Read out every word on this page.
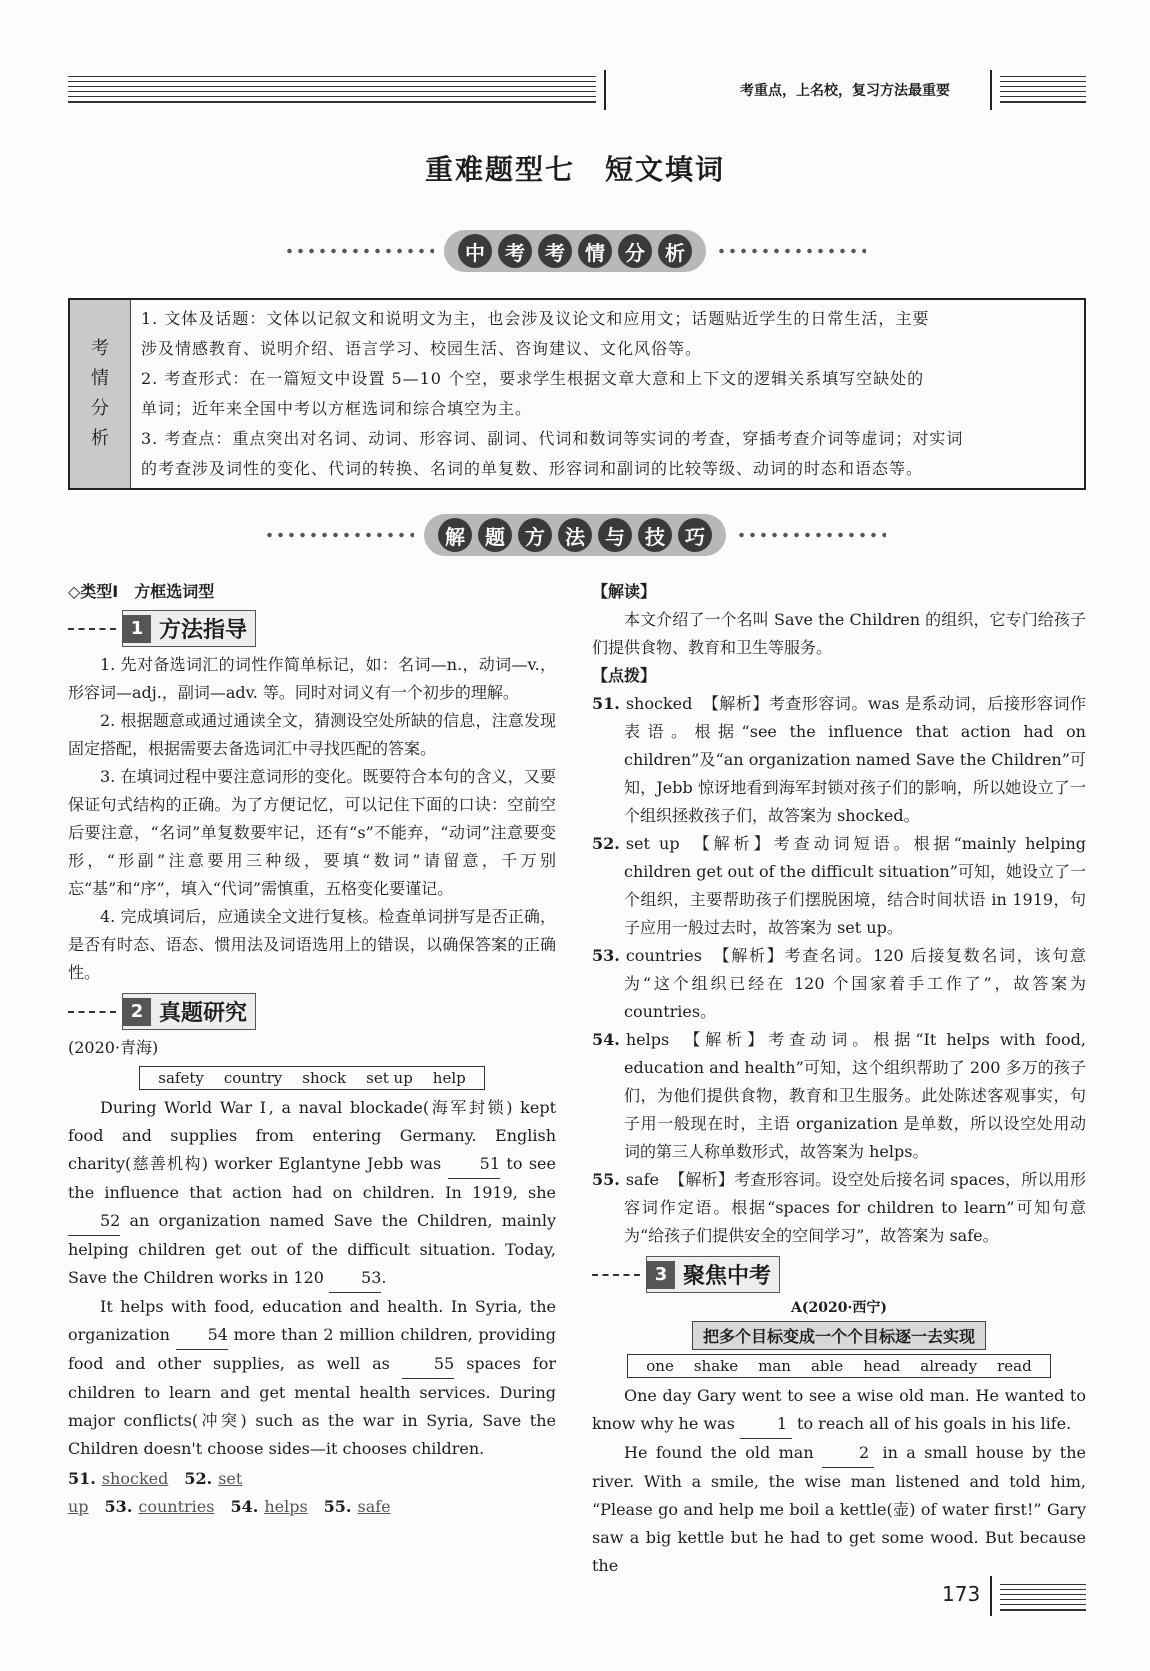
考重点，上名校，复习方法最重要
重难题型七　短文填词
中	考	考	情	分	析
考
情
分
析
1. 文体及话题：文体以记叙文和说明文为主，也会涉及议论文和应用文；话题贴近学生的日常生活，主要
涉及情感教育、说明介绍、语言学习、校园生活、咨询建议、文化风俗等。
2. 考查形式：在一篇短文中设置 5—10 个空，要求学生根据文章大意和上下文的逻辑关系填写空缺处的
单词；近年来全国中考以方框选词和综合填空为主。
3. 考查点：重点突出对名词、动词、形容词、副词、代词和数词等实词的考查，穿插考查介词等虚词；对实词
的考查涉及词性的变化、代词的转换、名词的单复数、形容词和副词的比较等级、动词的时态和语态等。
解	题	方	法	与	技	巧
◇类型Ⅰ　方框选词型
1 方法指导

1. 先对备选词汇的词性作简单标记，如：名词—n.，动词—v.，形容词—adj.，副词—adv. 等。同时对词义有一个初步的理解。

2. 根据题意或通过通读全文，猜测设空处所缺的信息，注意发现固定搭配，根据需要去备选词汇中寻找匹配的答案。

3. 在填词过程中要注意词形的变化。既要符合本句的含义，又要保证句式结构的正确。为了方便记忆，可以记住下面的口诀：空前空后要注意，“名词”单复数要牢记，还有“s”不能弃，“动词”注意要变形，“形副”注意要用三种级，要填“数词”请留意，千万别忘“基”和“序”，填入“代词”需慎重，五格变化要谨记。

4. 完成填词后，应通读全文进行复核。检查单词拼写是否正确，是否有时态、语态、惯用法及词语选用上的错误，以确保答案的正确性。

2 真题研究
(2020·青海)
safety country shock set up help

During World War Ⅰ, a naval blockade(海军封锁) kept food and supplies from entering Germany. English charity(慈善机构) worker Eglantyne Jebb was 51 to see the influence that action had on children. In 1919, she 52 an organization named Save the Children, mainly helping children get out of the difficult situation. Today, Save the Children works in 120 53.

It helps with food, education and health. In Syria, the organization 54 more than 2 million children, providing food and other supplies, as well as	55 spaces for children to learn and get mental health services. During major conflicts(冲突) such as the war in Syria, Save the Children doesn't choose sides—it chooses children.

51. shocked 52. set up 53. countries 54. helps 55. safe
【解读】

本文介绍了一个名叫 Save the Children 的组织，它专门给孩子们提供食物、教育和卫生等服务。

【点拨】

51. shocked 【解析】考查形容词。was 是系动词，后接形容词作表语。根据“see the influence that action had on children”及“an organization named Save the Children”可知，Jebb 惊讶地看到海军封锁对孩子们的影响，所以她设立了一个组织拯救孩子们，故答案为 shocked。

52. set up 【解析】考查动词短语。根据“mainly helping children get out of the difficult situation”可知，她设立了一个组织，主要帮助孩子们摆脱困境，结合时间状语 in 1919，句子应用一般过去时，故答案为 set up。

53. countries 【解析】考查名词。120 后接复数名词，该句意为“这个组织已经在 120 个国家着手工作了”，故答案为 countries。

54. helps 【解析】考查动词。根据“It helps with food, education and health”可知，这个组织帮助了 200 多万的孩子们，为他们提供食物，教育和卫生服务。此处陈述客观事实，句子用一般现在时，主语 organization 是单数，所以设空处用动词的第三人称单数形式，故答案为 helps。

55. safe 【解析】考查形容词。设空处后接名词 spaces，所以用形容词作定语。根据“spaces for children to learn”可知句意为“给孩子们提供安全的空间学习”，故答案为 safe。

3 聚焦中考
A(2020·西宁)
把多个目标变成一个个目标逐一去实现
one shake man able head already read

One day Gary went to see a wise old man. He wanted to know why he was	1 to reach all of his goals in his life.

He found the old man	2 in a small house by the river. With a smile, the wise man listened and told him, “Please go and help me boil a kettle(壶) of water first!” Gary saw a big kettle but he had to get some wood. But because the

173
